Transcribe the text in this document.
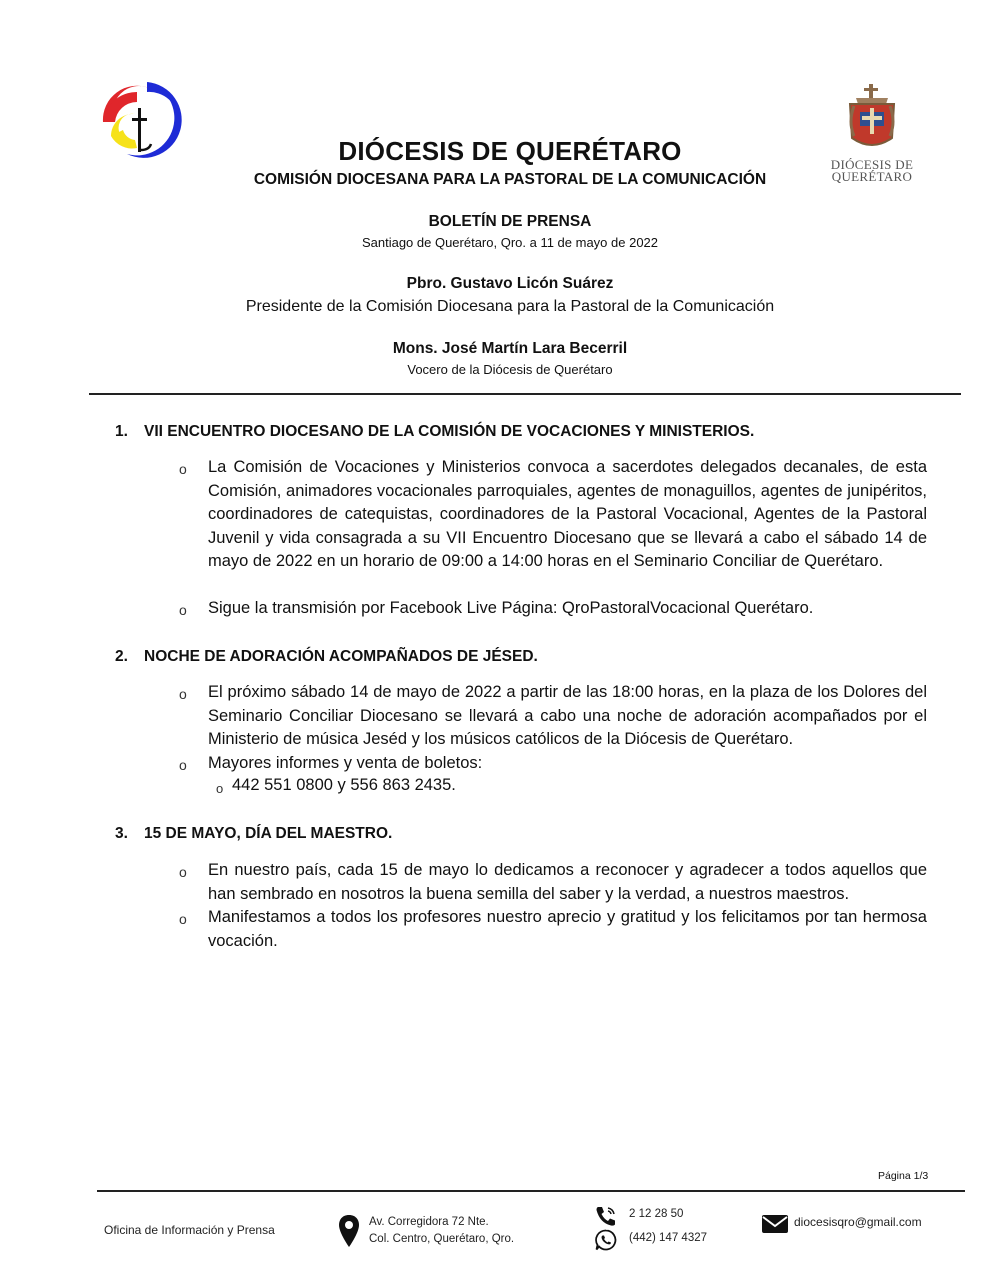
DIÓCESIS DE
QUERÉTARO
DIÓCESIS DE QUERÉTARO
COMISIÓN DIOCESANA PARA LA PASTORAL DE LA COMUNICACIÓN
BOLETÍN DE PRENSA
Santiago de Querétaro, Qro. a 11 de mayo de 2022
Pbro. Gustavo Licón Suárez
Presidente de la Comisión Diocesana para la Pastoral de la Comunicación
Mons. José Martín Lara Becerril
Vocero de la Diócesis de Querétaro
1. VII ENCUENTRO DIOCESANO DE LA COMISIÓN DE VOCACIONES Y MINISTERIOS.
o La Comisión de Vocaciones y Ministerios convoca a sacerdotes delegados decanales, de esta Comisión, animadores vocacionales parroquiales, agentes de monaguillos, agentes de junipéritos, coordinadores de catequistas, coordinadores de la Pastoral Vocacional, Agentes de la Pastoral Juvenil y vida consagrada a su VII Encuentro Diocesano que se llevará a cabo el sábado 14 de mayo de 2022 en un horario de 09:00 a 14:00 horas en el Seminario Conciliar de Querétaro.
o Sigue la transmisión por Facebook Live Página: QroPastoralVocacional Querétaro.
2. NOCHE DE ADORACIÓN ACOMPAÑADOS DE JÉSED.
o El próximo sábado 14 de mayo de 2022 a partir de las 18:00 horas, en la plaza de los Dolores del Seminario Conciliar Diocesano se llevará a cabo una noche de adoración acompañados por el Ministerio de música Jeséd y los músicos católicos de la Diócesis de Querétaro.
o Mayores informes y venta de boletos:
o 442 551 0800 y 556 863 2435.
3. 15 DE MAYO, DÍA DEL MAESTRO.
o En nuestro país, cada 15 de mayo lo dedicamos a reconocer y agradecer a todos aquellos que han sembrado en nosotros la buena semilla del saber y la verdad, a nuestros maestros.
o Manifestamos a todos los profesores nuestro aprecio y gratitud y los felicitamos por tan hermosa vocación.
Página 1/3
Oficina de Información y Prensa
Av. Corregidora 72 Nte.
Col. Centro, Querétaro, Qro.
2 12 28 50
(442) 147 4327
diocesisqro@gmail.com
